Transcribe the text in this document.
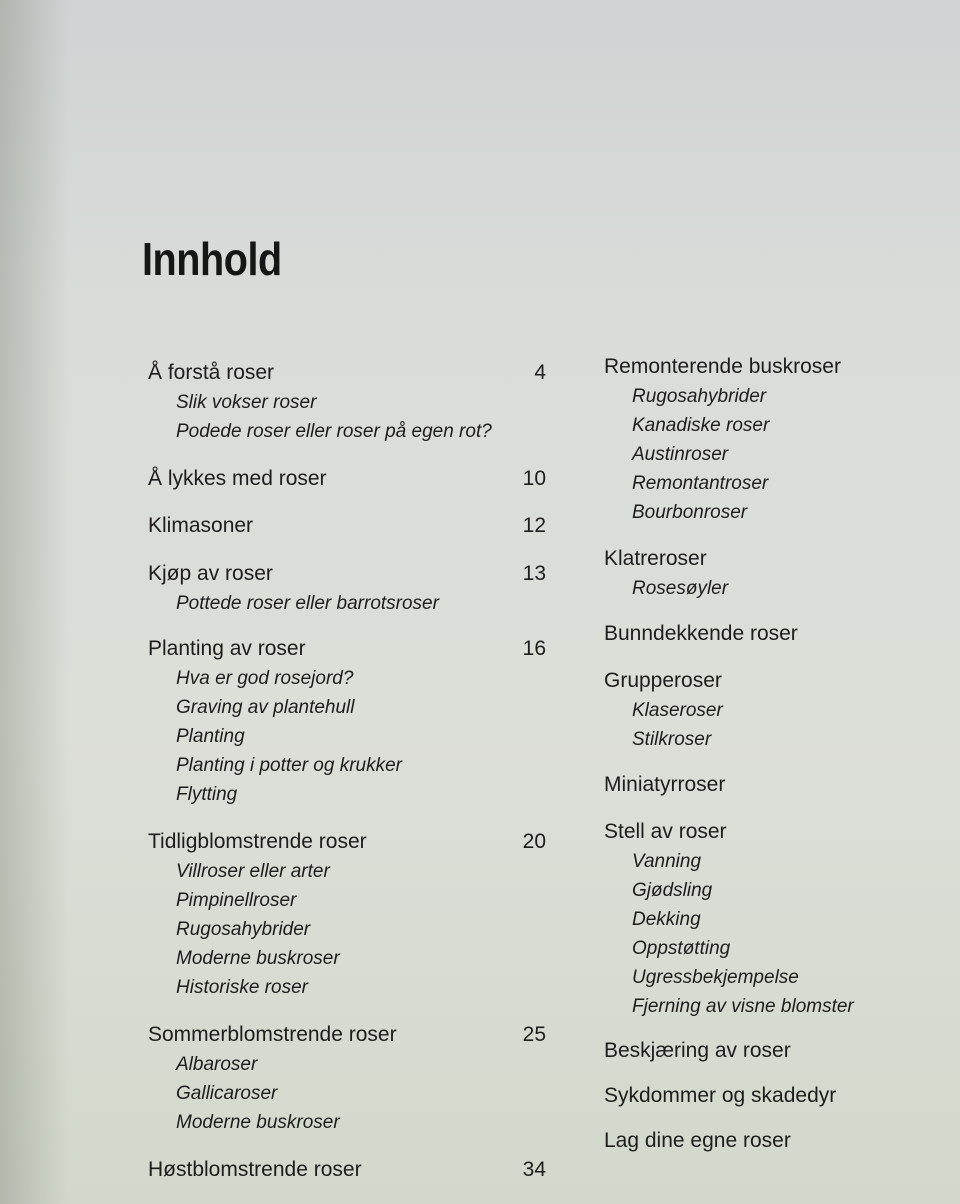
Innhold
Å forstå roser	4
Slik vokser roser
Podede roser eller roser på egen rot?
Å lykkes med roser	10
Klimasoner	12
Kjøp av roser	13
Pottede roser eller barrotsroser
Planting av roser	16
Hva er god rosejord?
Graving av plantehull
Planting
Planting i potter og krukker
Flytting
Tidligblomstrende roser	20
Villroser eller arter
Pimpinellroser
Rugosahybrider
Moderne buskroser
Historiske roser
Sommerblomstrende roser	25
Albaroser
Gallicaroser
Moderne buskroser
Høstblomstrende roser	34
Remonterende buskroser
Rugosahybrider
Kanadiske roser
Austinroser
Remontantroser
Bourbonroser
Klatreroser
Rosesøyler
Bunndekkende roser
Grupperoser
Klaseroser
Stilkroser
Miniatyrroser
Stell av roser
Vanning
Gjødsling
Dekking
Oppstøtting
Ugressbekjempelse
Fjerning av visne blomster
Beskjæring av roser
Sykdommer og skadedyr
Lag dine egne roser
